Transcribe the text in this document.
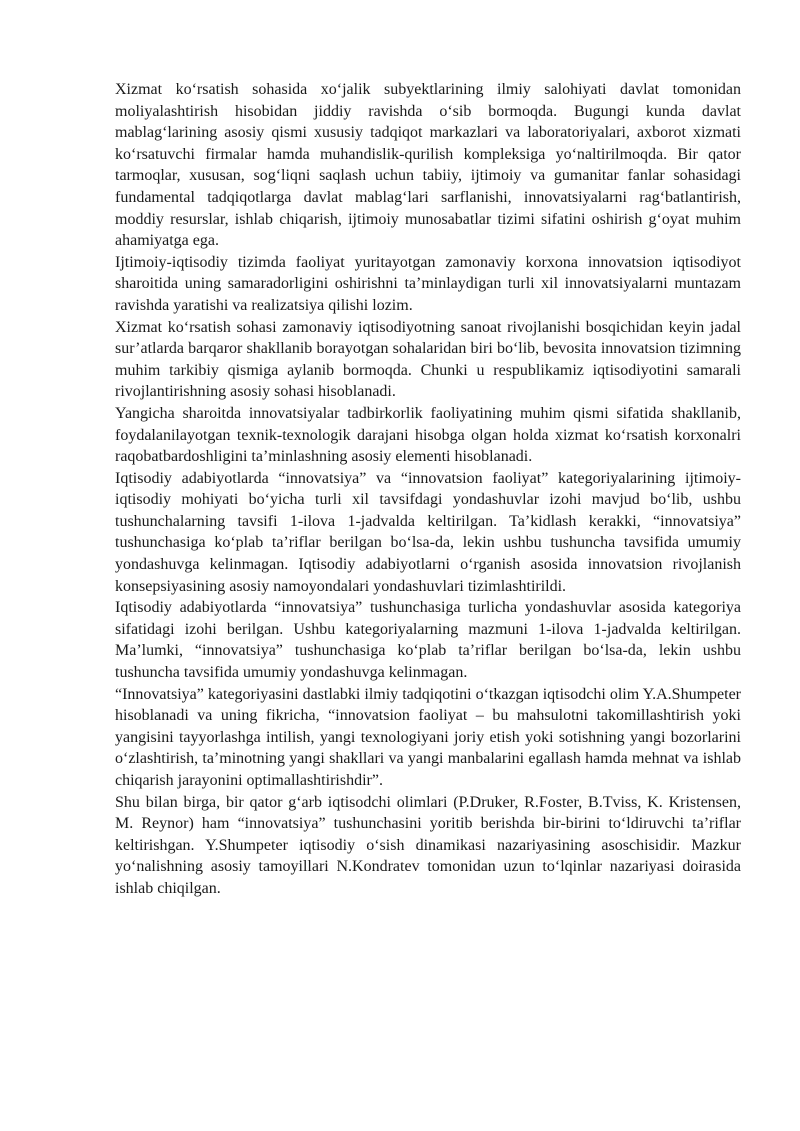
Xizmat ko‘rsatish sohasida xo‘jalik subyektlarining ilmiy salohiyati davlat tomonidan moliyalashtirish hisobidan jiddiy ravishda o‘sib bormoqda. Bugungi kunda davlat mablag‘larining asosiy qismi xususiy tadqiqot markazlari va laboratoriyalari, axborot xizmati ko‘rsatuvchi firmalar hamda muhandislik-qurilish kompleksiga yo‘naltirilmoqda. Bir qator tarmoqlar, xususan, sog‘liqni saqlash uchun tabiiy, ijtimoiy va gumanitar fanlar sohasidagi fundamental tadqiqotlarga davlat mablag‘lari sarflanishi, innovatsiyalarni rag‘batlantirish, moddiy resurslar, ishlab chiqarish, ijtimoiy munosabatlar tizimi sifatini oshirish g‘oyat muhim ahamiyatga ega.

Ijtimoiy-iqtisodiy tizimda faoliyat yuritayotgan zamonaviy korxona innovatsion iqtisodiyot sharoitida uning samaradorligini oshirishni ta’minlaydigan turli xil innovatsiyalarni muntazam ravishda yaratishi va realizatsiya qilishi lozim.

Xizmat ko‘rsatish sohasi zamonaviy iqtisodiyotning sanoat rivojlanishi bosqichidan keyin jadal sur’atlarda barqaror shakllanib borayotgan sohalaridan biri bo‘lib, bevosita innovatsion tizimning muhim tarkibiy qismiga aylanib bormoqda. Chunki u respublikamiz iqtisodiyotini samarali rivojlantirishning asosiy sohasi hisoblanadi.

Yangicha sharoitda innovatsiyalar tadbirkorlik faoliyatining muhim qismi sifatida shakllanib, foydalanilayotgan texnik-texnologik darajani hisobga olgan holda xizmat ko‘rsatish korxonalri raqobatbardoshligini ta’minlashning asosiy elementi hisoblanadi.

Iqtisodiy adabiyotlarda “innovatsiya” va “innovatsion faoliyat” kategoriyalarining ijtimoiy-iqtisodiy mohiyati bo‘yicha turli xil tavsifdagi yondashuvlar izohi mavjud bo‘lib, ushbu tushunchalarning tavsifi 1-ilova 1-jadvalda keltirilgan. Ta’kidlash kerakki, “innovatsiya” tushunchasiga ko‘plab ta’riflar berilgan bo‘lsa-da, lekin ushbu tushuncha tavsifida umumiy yondashuvga kelinmagan. Iqtisodiy adabiyotlarni o‘rganish asosida innovatsion rivojlanish konsepsiyasining asosiy namoyondalari yondashuvlari tizimlashtirildi.

Iqtisodiy adabiyotlarda “innovatsiya” tushunchasiga turlicha yondashuvlar asosida kategoriya sifatidagi izohi berilgan. Ushbu kategoriyalarning mazmuni 1-ilova 1-jadvalda keltirilgan. Ma’lumki, “innovatsiya” tushunchasiga ko‘plab ta’riflar berilgan bo‘lsa-da, lekin ushbu tushuncha tavsifida umumiy yondashuvga kelinmagan.

“Innovatsiya” kategoriyasini dastlabki ilmiy tadqiqotini o‘tkazgan iqtisodchi olim Y.A.Shumpeter hisoblanadi va uning fikricha, “innovatsion faoliyat – bu mahsulotni takomillashtirish yoki yangisini tayyorlashga intilish, yangi texnologiyani joriy etish yoki sotishning yangi bozorlarini o‘zlashtirish, ta’minotning yangi shakllari va yangi manbalarini egallash hamda mehnat va ishlab chiqarish jarayonini optimallashtirishdir”.

Shu bilan birga, bir qator g‘arb iqtisodchi olimlari (P.Druker, R.Foster, B.Tviss, K. Kristensen, M. Reynor) ham “innovatsiya” tushunchasini yoritib berishda bir-birini to‘ldiruvchi ta’riflar keltirishgan. Y.Shumpeter iqtisodiy o‘sish dinamikasi nazariyasining asoschisidir. Mazkur yo‘nalishning asosiy tamoyillari N.Kondratev tomonidan uzun to‘lqinlar nazariyasi doirasida ishlab chiqilgan.
